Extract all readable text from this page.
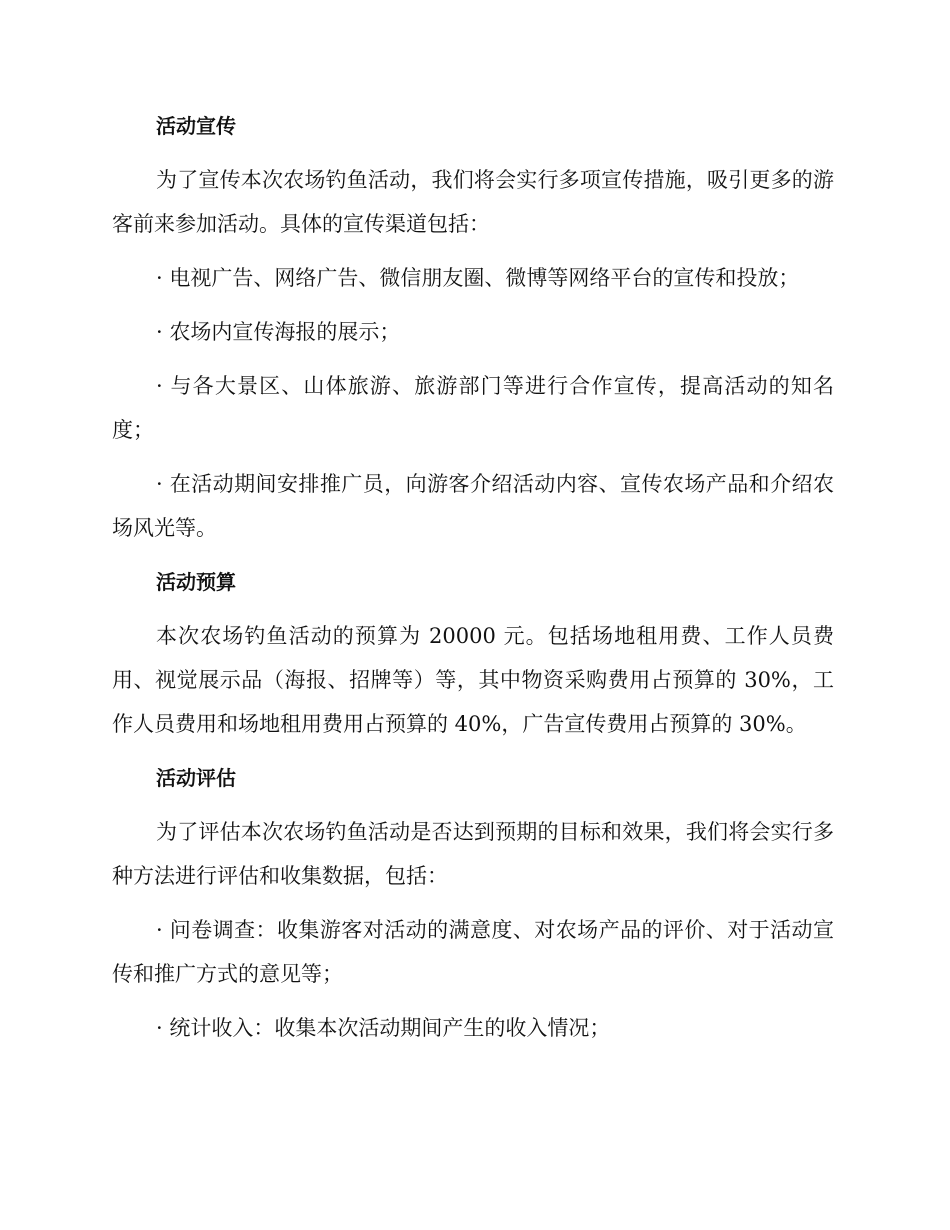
活动宣传

为了宣传本次农场钓鱼活动，我们将会实行多项宣传措施，吸引更多的游客前来参加活动。具体的宣传渠道包括：

· 电视广告、网络广告、微信朋友圈、微博等网络平台的宣传和投放；

· 农场内宣传海报的展示；

· 与各大景区、山体旅游、旅游部门等进行合作宣传，提高活动的知名度；

· 在活动期间安排推广员，向游客介绍活动内容、宣传农场产品和介绍农场风光等。

活动预算

本次农场钓鱼活动的预算为 20000 元。包括场地租用费、工作人员费用、视觉展示品（海报、招牌等）等，其中物资采购费用占预算的 30%，工作人员费用和场地租用费用占预算的 40%，广告宣传费用占预算的 30%。

活动评估

为了评估本次农场钓鱼活动是否达到预期的目标和效果，我们将会实行多种方法进行评估和收集数据，包括：

· 问卷调查：收集游客对活动的满意度、对农场产品的评价、对于活动宣传和推广方式的意见等；

· 统计收入：收集本次活动期间产生的收入情况；
